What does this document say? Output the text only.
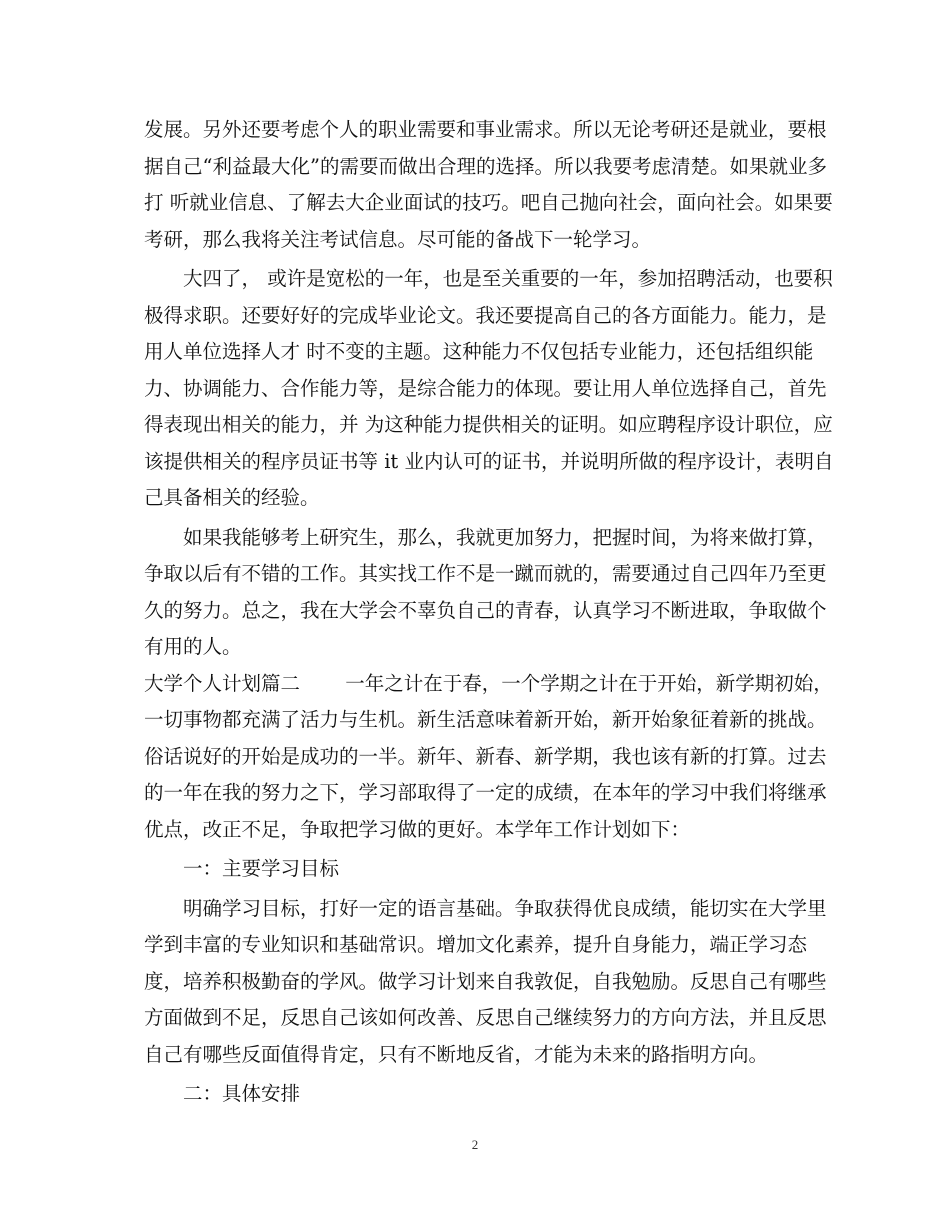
发展。另外还要考虑个人的职业需要和事业需求。所以无论考研还是就业，要根
据自己“利益最大化”的需要而做出合理的选择。所以我要考虑清楚。如果就业多
打 听就业信息、了解去大企业面试的技巧。吧自己抛向社会，面向社会。如果要
考研，那么我将关注考试信息。尽可能的备战下一轮学习。
大四了， 或许是宽松的一年，也是至关重要的一年，参加招聘活动，也要积
极得求职。还要好好的完成毕业论文。我还要提高自己的各方面能力。能力，是
用人单位选择人才 时不变的主题。这种能力不仅包括专业能力，还包括组织能
力、协调能力、合作能力等，是综合能力的体现。要让用人单位选择自己，首先
得表现出相关的能力，并 为这种能力提供相关的证明。如应聘程序设计职位，应
该提供相关的程序员证书等 it 业内认可的证书，并说明所做的程序设计，表明自
己具备相关的经验。
如果我能够考上研究生，那么，我就更加努力，把握时间，为将来做打算，
争取以后有不错的工作。其实找工作不是一蹴而就的，需要通过自己四年乃至更
久的努力。总之，我在大学会不辜负自己的青春，认真学习不断进取，争取做个
有用的人。
大学个人计划篇二　　 一年之计在于春，一个学期之计在于开始，新学期初始，
一切事物都充满了活力与生机。新生活意味着新开始，新开始象征着新的挑战。
俗话说好的开始是成功的一半。新年、新春、新学期，我也该有新的打算。过去
的一年在我的努力之下，学习部取得了一定的成绩，在本年的学习中我们将继承
优点，改正不足，争取把学习做的更好。本学年工作计划如下：
一：主要学习目标
明确学习目标，打好一定的语言基础。争取获得优良成绩，能切实在大学里
学到丰富的专业知识和基础常识。增加文化素养，提升自身能力，端正学习态
度，培养积极勤奋的学风。做学习计划来自我敦促，自我勉励。反思自己有哪些
方面做到不足，反思自己该如何改善、反思自己继续努力的方向方法，并且反思
自己有哪些反面值得肯定，只有不断地反省，才能为未来的路指明方向。
二：具体安排
2
